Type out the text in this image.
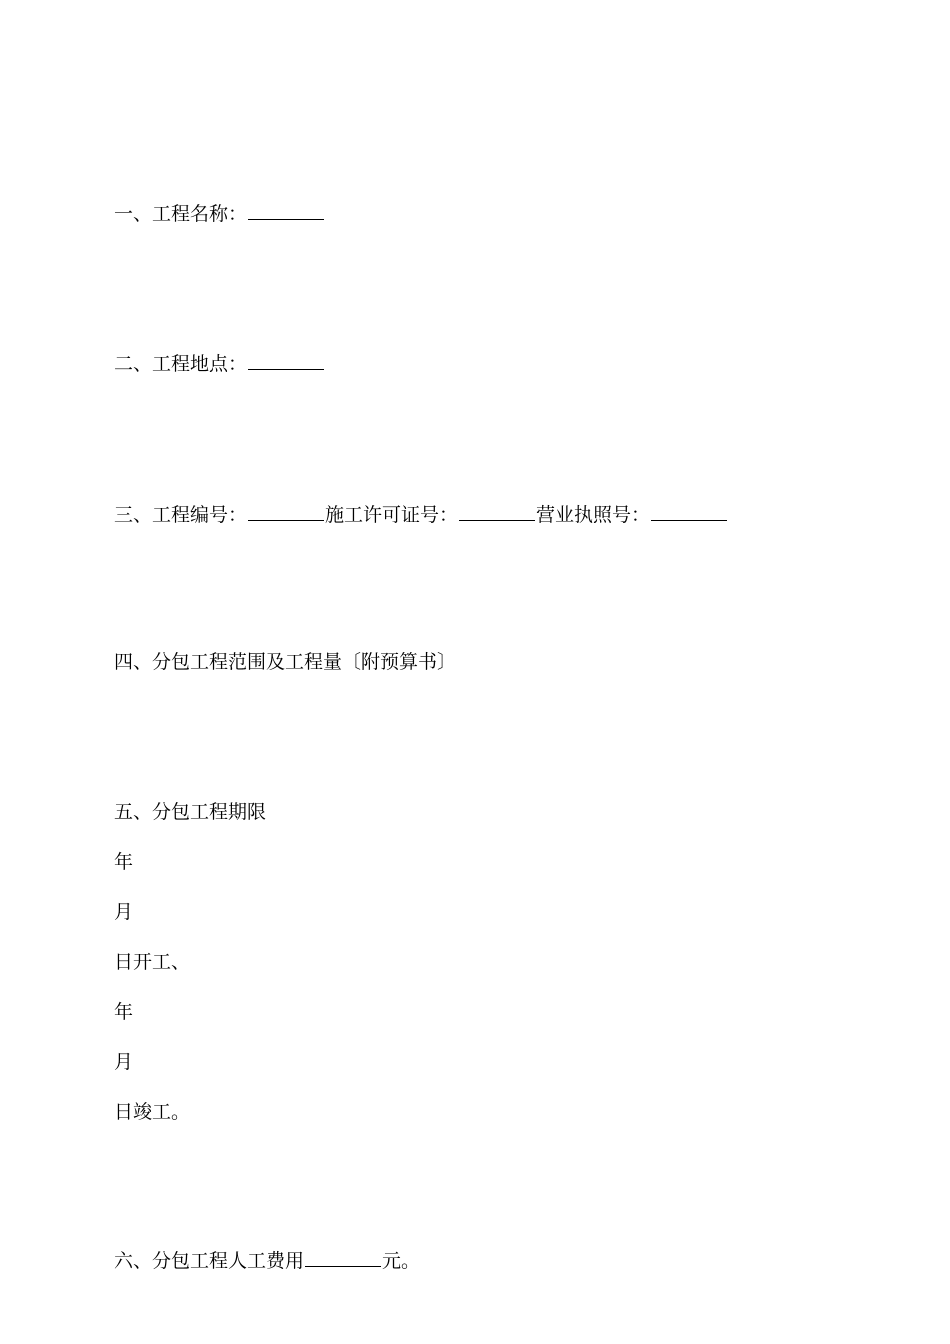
一、工程名称：
二、工程地点：
三、工程编号：	施工许可证号：	营业执照号：
四、分包工程范围及工程量〔附预算书〕
五、分包工程期限
年
月
日开工、
年
月
日竣工。
六、分包工程人工费用	元。
